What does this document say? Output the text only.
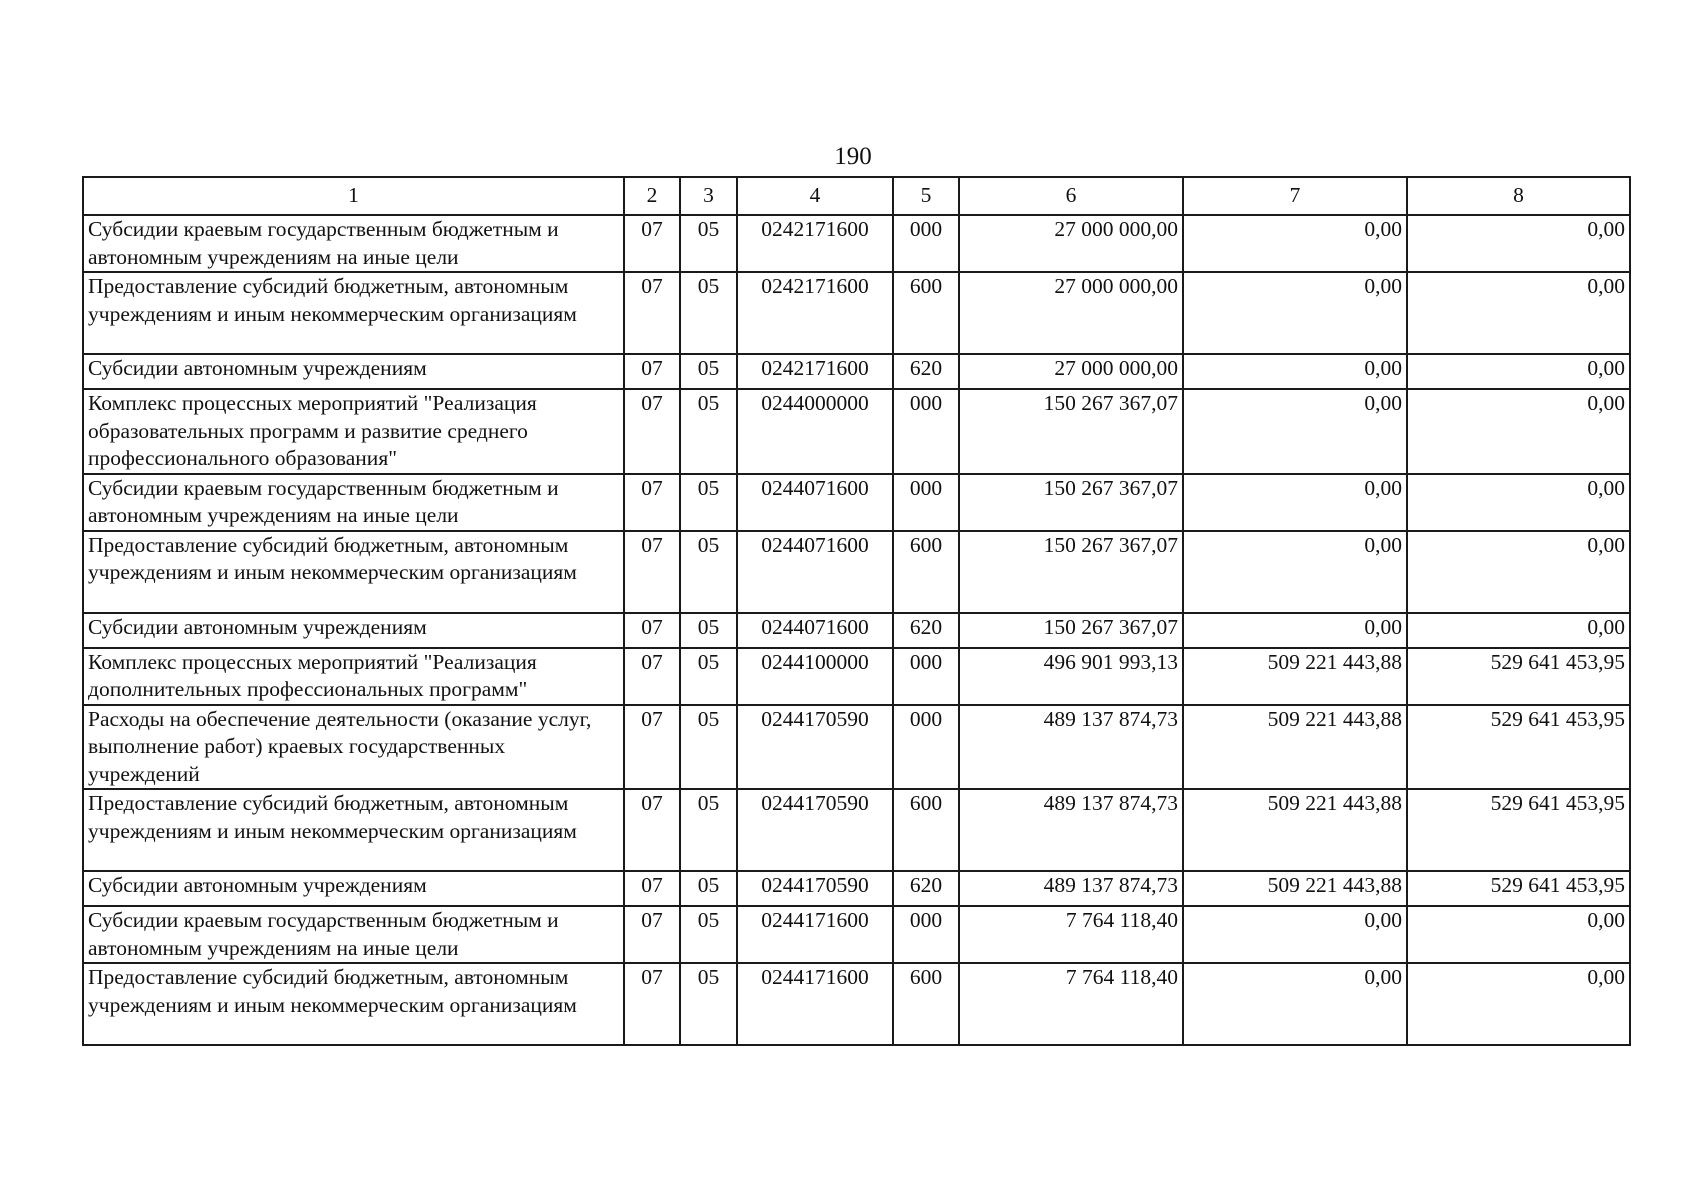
190
1	2	3	4	5	6	7	8
Субсидии краевым государственным бюджетным и автономным учреждениям на иные цели	07	05	0242171600	000	27 000 000,00	0,00	0,00
Предоставление субсидий бюджетным, автономным учреждениям и иным некоммерческим организациям	07	05	0242171600	600	27 000 000,00	0,00	0,00
Субсидии автономным учреждениям	07	05	0242171600	620	27 000 000,00	0,00	0,00
Комплекс процессных мероприятий "Реализация образовательных программ и развитие среднего профессионального образования"	07	05	0244000000	000	150 267 367,07	0,00	0,00
Субсидии краевым государственным бюджетным и автономным учреждениям на иные цели	07	05	0244071600	000	150 267 367,07	0,00	0,00
Предоставление субсидий бюджетным, автономным учреждениям и иным некоммерческим организациям	07	05	0244071600	600	150 267 367,07	0,00	0,00
Субсидии автономным учреждениям	07	05	0244071600	620	150 267 367,07	0,00	0,00
Комплекс процессных мероприятий "Реализация дополнительных профессиональных программ"	07	05	0244100000	000	496 901 993,13	509 221 443,88	529 641 453,95
Расходы на обеспечение деятельности (оказание услуг, выполнение работ) краевых государственных учреждений	07	05	0244170590	000	489 137 874,73	509 221 443,88	529 641 453,95
Предоставление субсидий бюджетным, автономным учреждениям и иным некоммерческим организациям	07	05	0244170590	600	489 137 874,73	509 221 443,88	529 641 453,95
Субсидии автономным учреждениям	07	05	0244170590	620	489 137 874,73	509 221 443,88	529 641 453,95
Субсидии краевым государственным бюджетным и автономным учреждениям на иные цели	07	05	0244171600	000	7 764 118,40	0,00	0,00
Предоставление субсидий бюджетным, автономным учреждениям и иным некоммерческим организациям	07	05	0244171600	600	7 764 118,40	0,00	0,00
